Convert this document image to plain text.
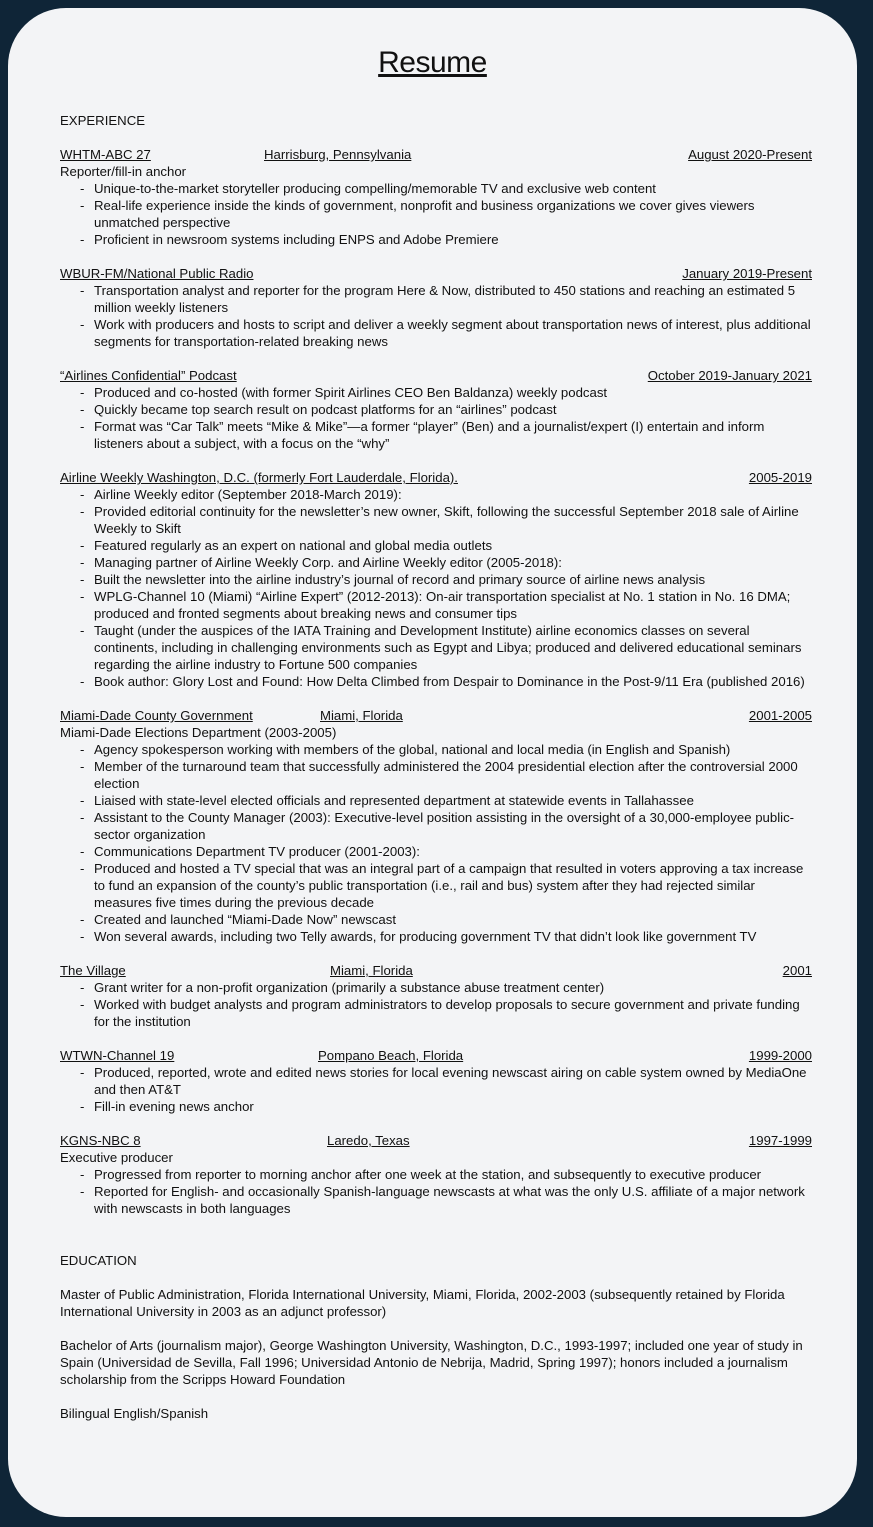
Resume
EXPERIENCE
WHTM-ABC 27	Harrisburg, Pennsylvania	August 2020-Present
Reporter/fill-in anchor
- Unique-to-the-market storyteller producing compelling/memorable TV and exclusive web content
- Real-life experience inside the kinds of government, nonprofit and business organizations we cover gives viewers unmatched perspective
- Proficient in newsroom systems including ENPS and Adobe Premiere
WBUR-FM/National Public Radio	January 2019-Present
- Transportation analyst and reporter for the program Here & Now, distributed to 450 stations and reaching an estimated 5 million weekly listeners
- Work with producers and hosts to script and deliver a weekly segment about transportation news of interest, plus additional segments for transportation-related breaking news
“Airlines Confidential” Podcast	October 2019-January 2021
- Produced and co-hosted (with former Spirit Airlines CEO Ben Baldanza) weekly podcast
- Quickly became top search result on podcast platforms for an “airlines” podcast
- Format was “Car Talk” meets “Mike & Mike”—a former “player” (Ben) and a journalist/expert (I) entertain and inform listeners about a subject, with a focus on the “why”
Airline Weekly Washington, D.C. (formerly Fort Lauderdale, Florida).	2005-2019
- Airline Weekly editor (September 2018-March 2019):
- Provided editorial continuity for the newsletter’s new owner, Skift, following the successful September 2018 sale of Airline Weekly to Skift
- Featured regularly as an expert on national and global media outlets
- Managing partner of Airline Weekly Corp. and Airline Weekly editor (2005-2018):
- Built the newsletter into the airline industry’s journal of record and primary source of airline news analysis
- WPLG-Channel 10 (Miami) “Airline Expert” (2012-2013): On-air transportation specialist at No. 1 station in No. 16 DMA; produced and fronted segments about breaking news and consumer tips
- Taught (under the auspices of the IATA Training and Development Institute) airline economics classes on several continents, including in challenging environments such as Egypt and Libya; produced and delivered educational seminars regarding the airline industry to Fortune 500 companies
- Book author: Glory Lost and Found: How Delta Climbed from Despair to Dominance in the Post-9/11 Era (published 2016)
Miami-Dade County Government	Miami, Florida	2001-2005
Miami-Dade Elections Department (2003-2005)
- Agency spokesperson working with members of the global, national and local media (in English and Spanish)
- Member of the turnaround team that successfully administered the 2004 presidential election after the controversial 2000 election
- Liaised with state-level elected officials and represented department at statewide events in Tallahassee
- Assistant to the County Manager (2003): Executive-level position assisting in the oversight of a 30,000-employee public-sector organization
- Communications Department TV producer (2001-2003):
- Produced and hosted a TV special that was an integral part of a campaign that resulted in voters approving a tax increase to fund an expansion of the county’s public transportation (i.e., rail and bus) system after they had rejected similar measures five times during the previous decade
- Created and launched “Miami-Dade Now” newscast
- Won several awards, including two Telly awards, for producing government TV that didn’t look like government TV
The Village	Miami, Florida	2001
- Grant writer for a non-profit organization (primarily a substance abuse treatment center)
- Worked with budget analysts and program administrators to develop proposals to secure government and private funding for the institution
WTWN-Channel 19	Pompano Beach, Florida	1999-2000
- Produced, reported, wrote and edited news stories for local evening newscast airing on cable system owned by MediaOne and then AT&T
- Fill-in evening news anchor
KGNS-NBC 8	Laredo, Texas	1997-1999
Executive producer
- Progressed from reporter to morning anchor after one week at the station, and subsequently to executive producer
- Reported for English- and occasionally Spanish-language newscasts at what was the only U.S. affiliate of a major network with newscasts in both languages
EDUCATION
Master of Public Administration, Florida International University, Miami, Florida, 2002-2003 (subsequently retained by Florida International University in 2003 as an adjunct professor)
Bachelor of Arts (journalism major), George Washington University, Washington, D.C., 1993-1997; included one year of study in Spain (Universidad de Sevilla, Fall 1996; Universidad Antonio de Nebrija, Madrid, Spring 1997); honors included a journalism scholarship from the Scripps Howard Foundation
Bilingual English/Spanish
